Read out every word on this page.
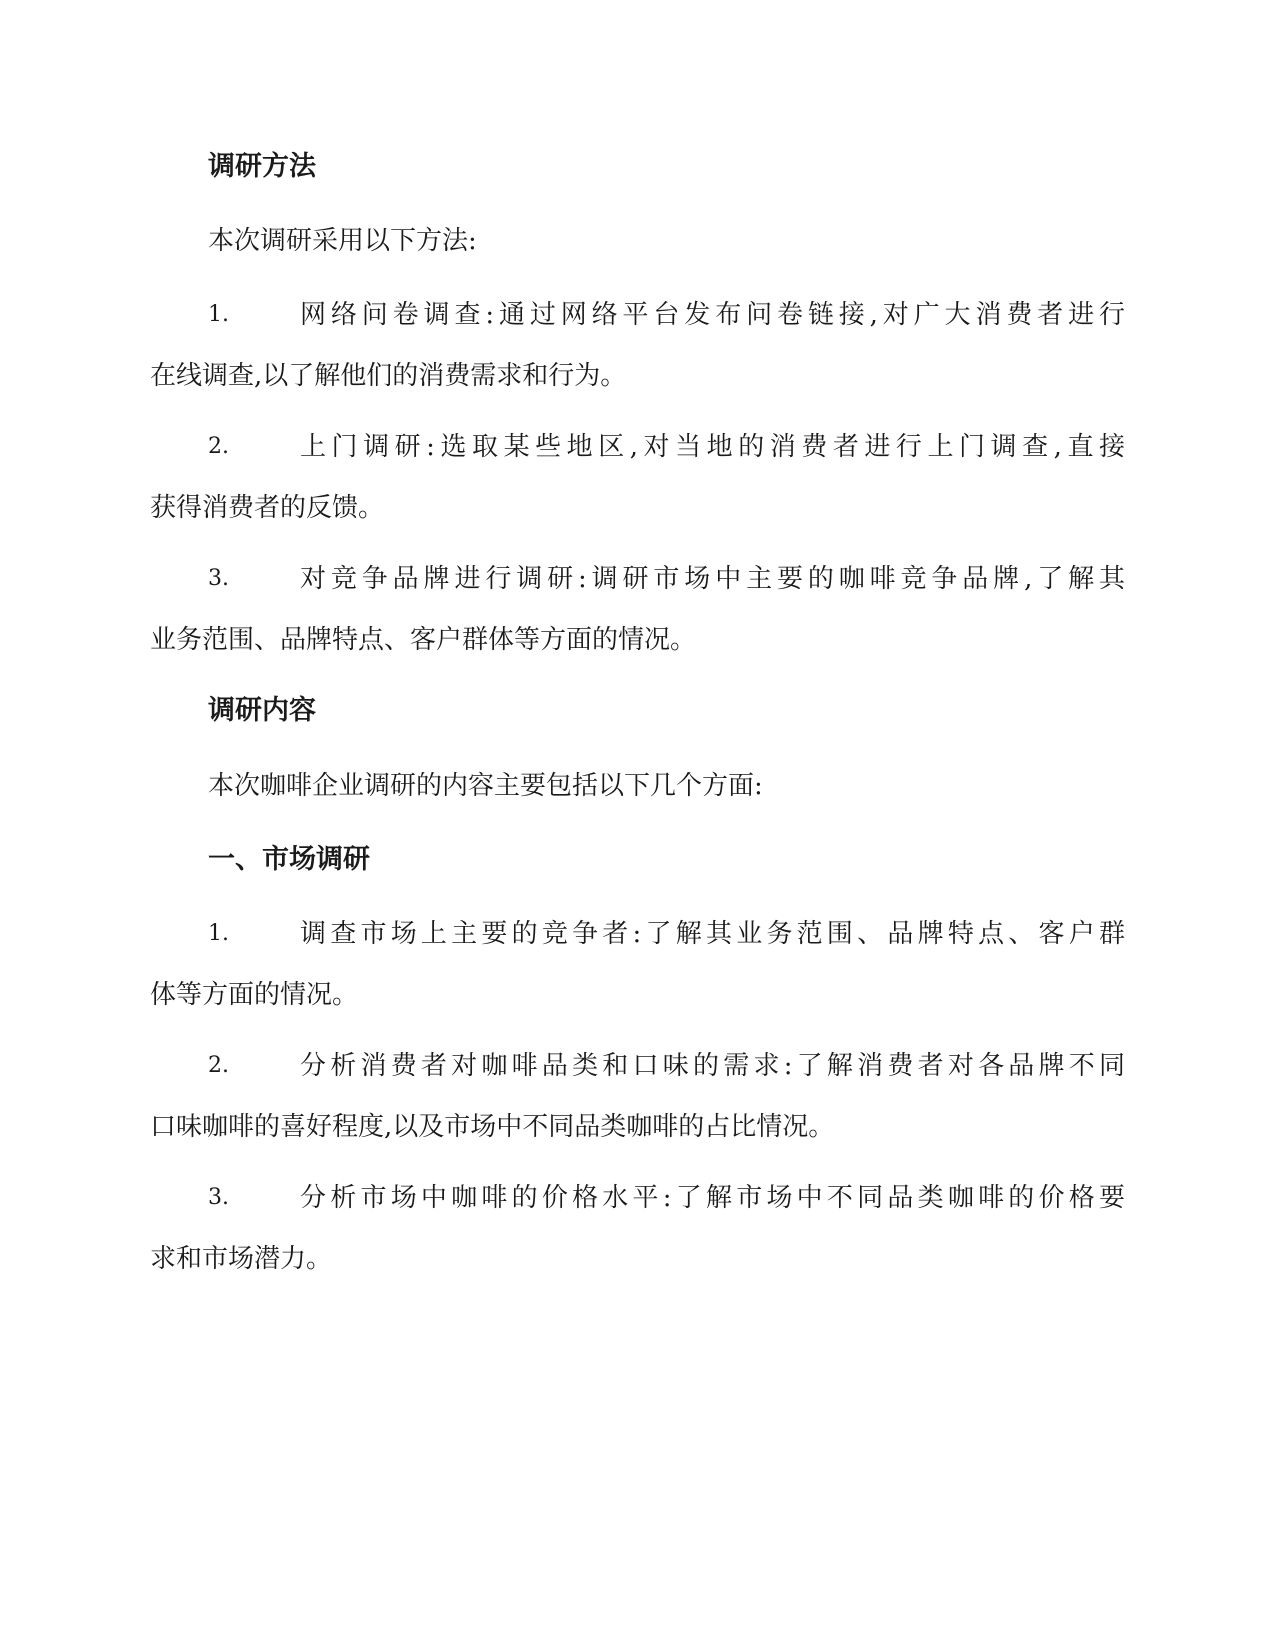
调研方法
本次调研采用以下方法:
1.	网络问卷调查:通过网络平台发布问卷链接,对广大消费者进行
在线调查,以了解他们的消费需求和行为。
2.	上门调研:选取某些地区,对当地的消费者进行上门调查,直接
获得消费者的反馈。
3.	对竞争品牌进行调研:调研市场中主要的咖啡竞争品牌,了解其
业务范围、品牌特点、客户群体等方面的情况。
调研内容
本次咖啡企业调研的内容主要包括以下几个方面:
一、市场调研
1.	调查市场上主要的竞争者:了解其业务范围、品牌特点、客户群
体等方面的情况。
2.	分析消费者对咖啡品类和口味的需求:了解消费者对各品牌不同
口味咖啡的喜好程度,以及市场中不同品类咖啡的占比情况。
3.	分析市场中咖啡的价格水平:了解市场中不同品类咖啡的价格要
求和市场潜力。
